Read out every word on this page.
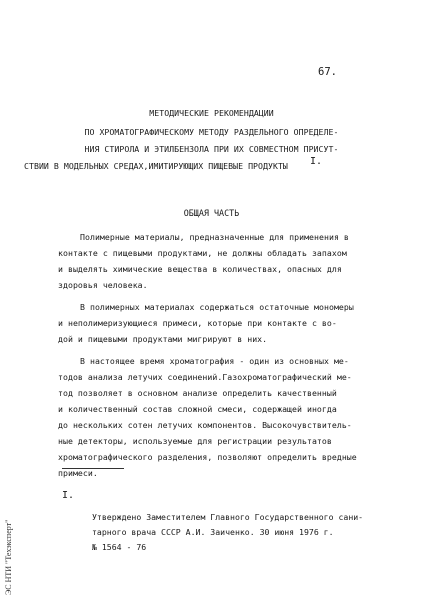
67.
МЕТОДИЧЕСКИЕ РЕКОМЕНДАЦИИ
ПО ХРОМАТОГРАФИЧЕСКОМУ МЕТОДУ РАЗДЕЛЬНОГО ОПРЕДЕЛЕ-
НИЯ СТИРОЛА И ЭТИЛБЕНЗОЛА ПРИ ИХ СОВМЕСТНОМ ПРИСУТ-
СТВИИ В МОДЕЛЬНЫХ СРЕДАХ,ИМИТИРУЮЩИХ ПИЩЕВЫЕ ПРОДУКТЫ	I.
ОБЩАЯ ЧАСТЬ
Полимерные материалы, предназначенные для применения в
контакте с пищевыми продуктами, не должны обладать запахом
и выделять химические вещества в количествах, опасных для
здоровья человека.
В полимерных материалах содержаться остаточные мономеры
и неполимеризующиеся примеси, которые при контакте с во-
дой и пищевыми продуктами мигрируют в них.
В настоящее время хроматография - один из основных ме-
тодов анализа летучих соединений.Газохроматографический ме-
тод позволяет в основном анализе определить качественный
и количественный состав сложной смеси, содержащей иногда
до нескольких сотен летучих компонентов. Высокочувствитель-
ные детекторы, используемые для регистрации результатов
хроматографического разделения, позволяют определить вредные
примеси.
I.
Утверждено Заместителем Главного Государственного сани-
тарного врача СССР А.И. Заиченко. 30 июня 1976 г.
№ 1564 - 76
ЭС НТИ "Техэксперт"
